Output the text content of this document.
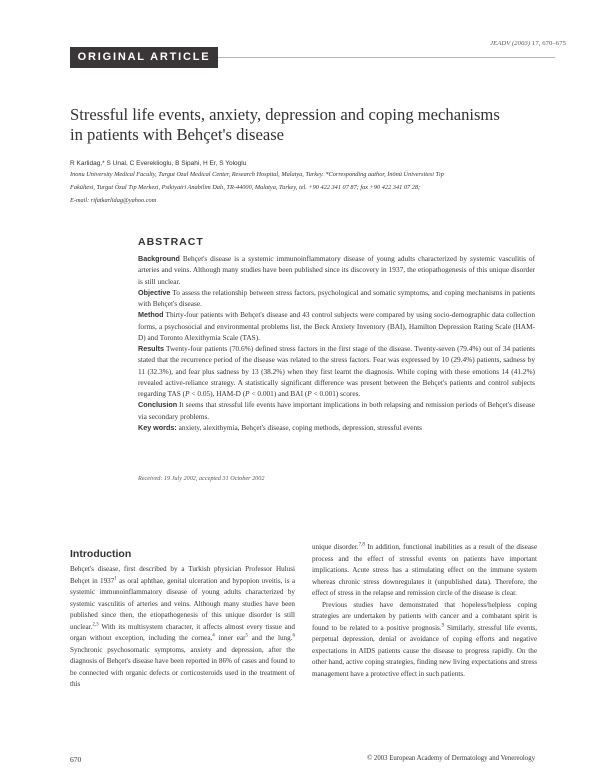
JEADV (2003) 17, 670–675
ORIGINAL ARTICLE
Stressful life events, anxiety, depression and coping mechanisms
in patients with Behçet's disease
R Karlidag,* S Unal, C Evereklioglu, B Sipahi, H Er, S Yologlu
Inonu University Medical Faculty, Turgut Ozal Medical Center, Research Hospital, Malatya, Turkey. *Corresponding author, İnönü Üniversitesi Tıp
Fakültesi, Turgut Özal Tıp Merkezi, Psikiyatri Anabilim Dalı, TR-44000, Malatya, Turkey, tel. +90 422 341 07 87; fax +90 422 341 07 28;
E-mail: rifatkarlidag@yahoo.com
ABSTRACT

Background Behçet's disease is a systemic immunoinflammatory disease of young adults characterized by systemic vasculitis of arteries and veins. Although many studies have been published since its discovery in 1937, the etiopathogenesis of this unique disorder is still unclear.

Objective To assess the relationship between stress factors, psychological and somatic symptoms, and coping mechanisms in patients with Behçet's disease.

Method Thirty-four patients with Behçet's disease and 43 control subjects were compared by using socio-demographic data collection forms, a psychosocial and environmental problems list, the Beck Anxiety Inventory (BAI), Hamilton Depression Rating Scale (HAM-D) and Toronto Alexithymia Scale (TAS).

Results Twenty-four patients (70.6%) defined stress factors in the first stage of the disease. Twenty-seven (79.4%) out of 34 patients stated that the recurrence period of the disease was related to the stress factors. Fear was expressed by 10 (29.4%) patients, sadness by 11 (32.3%), and fear plus sadness by 13 (38.2%) when they first learnt the diagnosis. While coping with these emotions 14 (41.2%) revealed active-reliance strategy. A statistically significant difference was present between the Behçet's patients and control subjects regarding TAS (P < 0.05), HAM-D (P < 0.001) and BAI (P < 0.001) scores.

Conclusion It seems that stressful life events have important implications in both relapsing and remission periods of Behçet's disease via secondary problems.

Key words: anxiety, alexithymia, Behçet's disease, coping methods, depression, stressful events

Received: 19 July 2002, accepted 31 October 2002
Introduction

Behçet's disease, first described by a Turkish physician Professor Hulusi Behçet in 1937$^1$ as oral aphthae, genital ulceration and hypopion uveitis, is a systemic immunoinflammatory disease of young adults characterized by systemic vasculitis of arteries and veins. Although many studies have been published since then, the etiopathogenesis of this unique disorder is still unclear.$^{2,3}$ With its multisystem character, it affects almost every tissue and organ without exception, including the cornea,$^4$ inner ear$^5$ and the lung.$^6$ Synchronic psychosomatic symptoms, anxiety and depression, after the diagnosis of Behçet's disease have been reported in 86% of cases and found to be connected with organic defects or corticosteroids used in the treatment of this

unique disorder.$^{7,8}$ In addition, functional inabilities as a result of the disease process and the effect of stressful events on patients have important implications. Acute stress has a stimulating effect on the immune system whereas chronic stress downregulates it (unpublished data). Therefore, the effect of stress in the relapse and remission circle of the disease is clear.

Previous studies have demonstrated that hopeless/helpless coping strategies are undertaken by patients with cancer and a combatant spirit is found to be related to a positive prognosis.$^9$ Similarly, stressful life events, perpetual depression, denial or avoidance of coping efforts and negative expectations in AIDS patients cause the disease to progress rapidly. On the other hand, active coping strategies, finding new living expectations and stress management have a protective effect in such patients.

670	© 2003 European Academy of Dermatology and Venereology
